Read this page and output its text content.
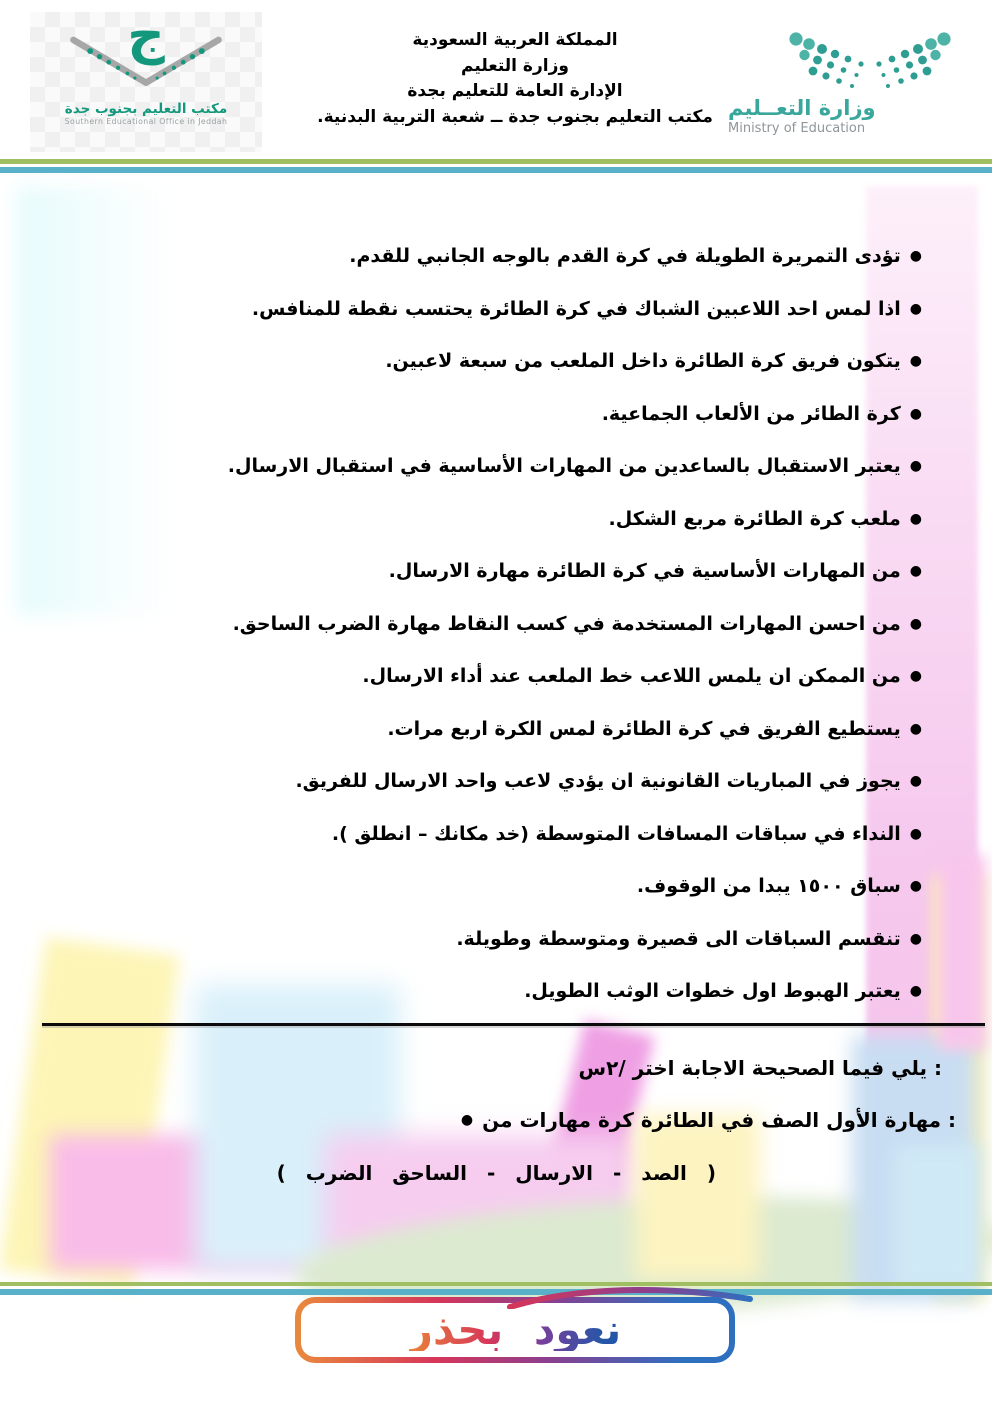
ج
مكتب التعليم بجنوب جدة
Southern Educational Office in Jeddah
المملكة العربية السعودية
وزارة التعليم
الإدارة العامة للتعليم بجدة
مكتب التعليم بجنوب جدة ــ شعبة التربية البدنية. وزارة التعــليم
Ministry of Education
●
تؤدى التمريرة الطويلة في كرة القدم بالوجه الجانبي للقدم.
●
اذا لمس احد اللاعبين الشباك في كرة الطائرة يحتسب نقطة للمنافس.
●
يتكون فريق كرة الطائرة داخل الملعب من سبعة لاعبين.
●
كرة الطائر من الألعاب الجماعية.
●
يعتبر الاستقبال بالساعدين من المهارات الأساسية في استقبال الارسال.
●
ملعب كرة الطائرة مربع الشكل.
●
من المهارات الأساسية في كرة الطائرة مهارة الارسال.
●
من احسن المهارات المستخدمة في كسب النقاط مهارة الضرب الساحق.
●
من الممكن ان يلمس اللاعب خط الملعب عند أداء الارسال.
●
يستطيع الفريق في كرة الطائرة لمس الكرة اربع مرات.
●
يجوز في المباريات القانونية ان يؤدي لاعب واحد الارسال للفريق.
●
النداء في سباقات المسافات المتوسطة (خد مكانك – انطلق ).
●
سباق ١٥٠٠ يبدا من الوقوف.
●
تنقسم السباقات الى قصيرة ومتوسطة وطويلة.
●
يعتبر الهبوط اول خطوات الوثب الطويل.
س٢/ اختر الاجابة الصحيحة فيما يلي :
● من مهارات كرة الطائرة في الصف الأول مهارة :
( الضرب الساحق - الارسال - الصد )
نعود بحذر
